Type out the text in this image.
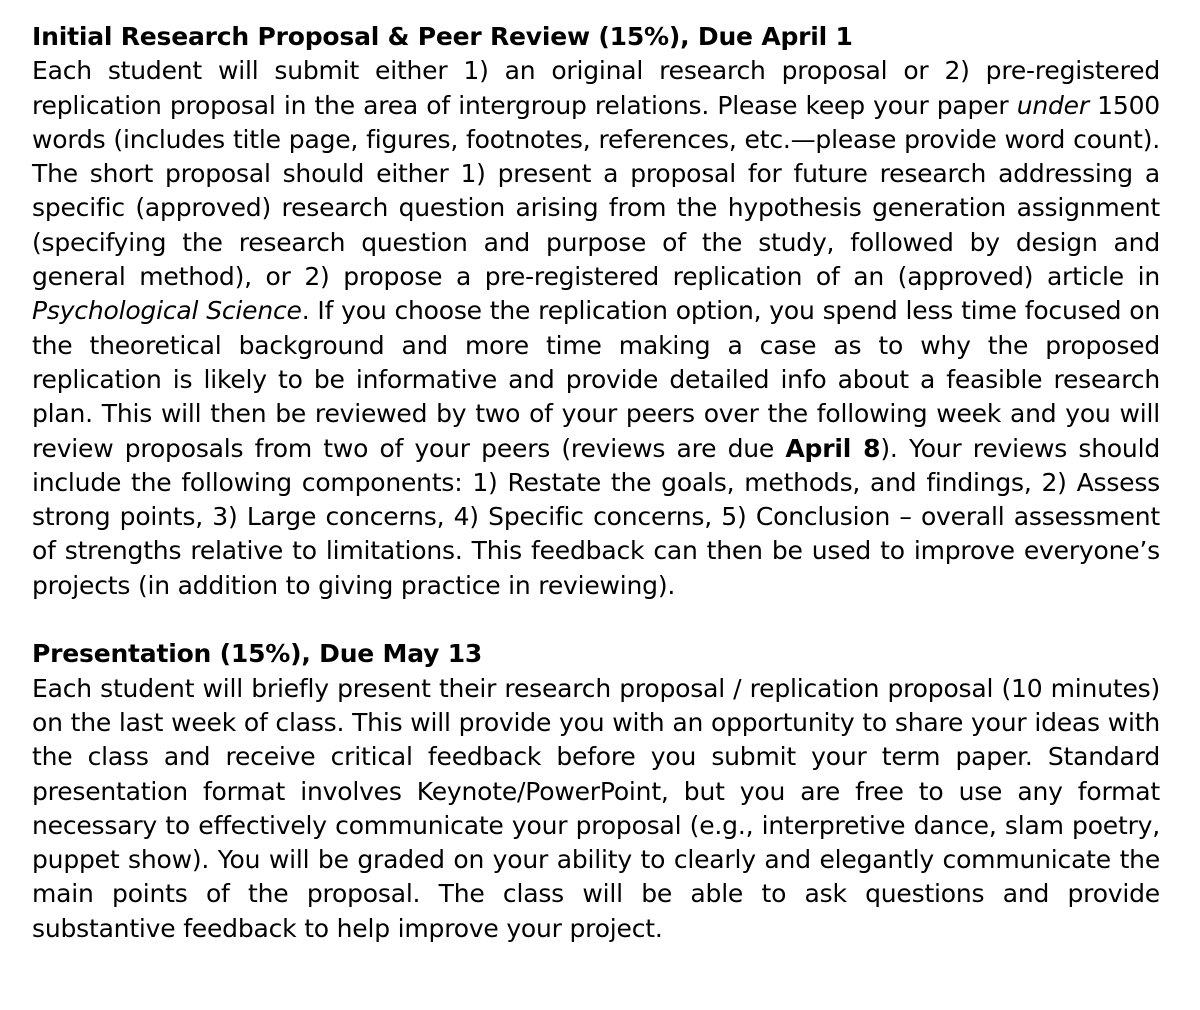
Initial Research Proposal & Peer Review (15%), Due April 1
Each student will submit either 1) an original research proposal or 2) pre-registered replication proposal in the area of intergroup relations. Please keep your paper under 1500 words (includes title page, figures, footnotes, references, etc.—please provide word count). The short proposal should either 1) present a proposal for future research addressing a specific (approved) research question arising from the hypothesis generation assignment (specifying the research question and purpose of the study, followed by design and general method), or 2) propose a pre-registered replication of an (approved) article in Psychological Science. If you choose the replication option, you spend less time focused on the theoretical background and more time making a case as to why the proposed replication is likely to be informative and provide detailed info about a feasible research plan. This will then be reviewed by two of your peers over the following week and you will review proposals from two of your peers (reviews are due April 8). Your reviews should include the following components: 1) Restate the goals, methods, and findings, 2) Assess strong points, 3) Large concerns, 4) Specific concerns, 5) Conclusion – overall assessment of strengths relative to limitations. This feedback can then be used to improve everyone’s projects (in addition to giving practice in reviewing).
Presentation (15%), Due May 13
Each student will briefly present their research proposal / replication proposal (10 minutes) on the last week of class. This will provide you with an opportunity to share your ideas with the class and receive critical feedback before you submit your term paper. Standard presentation format involves Keynote/PowerPoint, but you are free to use any format necessary to effectively communicate your proposal (e.g., interpretive dance, slam poetry, puppet show). You will be graded on your ability to clearly and elegantly communicate the main points of the proposal. The class will be able to ask questions and provide substantive feedback to help improve your project.
